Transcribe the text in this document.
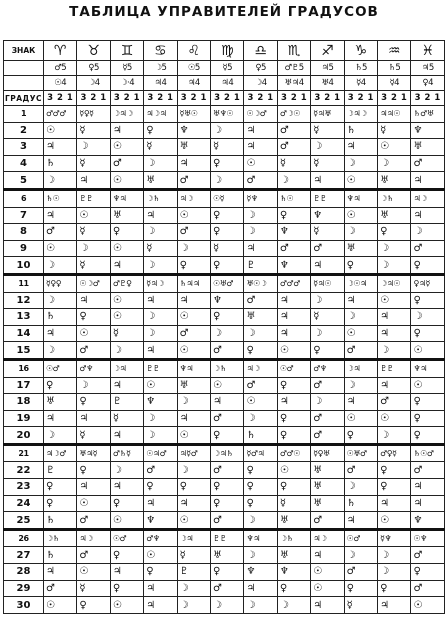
ТАБЛИЦА УПРАВИТЕЛЕЙ ГРАДУСОВ
ЗНАК	♈	♉	♊	♋	♌	♍	♎	♏	♐	♑	♒	♓
	♂5	♀5	☿5	☽5	☉5	☿5	♀5	♂♇5	♃5	♄5	♄5	♃5
	☉4	☽4	☽·4	♃4	♃4	♃4	☽4	♅♃4	♅4	☿4	☿4	♀4
ГРАДУС	3 2 1	3 2 1	3 2 1	3 2 1	3 2 1	3 2 1	3 2 1	3 2 1	3 2 1	3 2 1	3 2 1	3 2 1
1	♂♂♂	☿♀☿	☽♃☽	♃☽♃	☿♅☉	♅♆☉	☉☽♂	♂☽☉	☿♃♅	☽♃☽	♃♃☉	♄♂♅
2	☉	☿	♃	♀	♆	☽	♃	♂	☿	♄	☿	♆
3	♃	☽	☉	☿	♅	☿	♃	♂	☽	♃	☉	♅
4	♄	☿	♂	☽	♃	♀	☉	☿	☿	☽	☽	♂
5	☽	♃	☉	♅	♂	☽	♂	☽	♃	☉	♅	♃
6	♄☉	♇♇	♆♃	☽♄	♃☽	☉☿	☿♆	♄☉	♇♇	♆♃	☽♄	♃☽
7	♃	☉	♅	♃	☉	♀	☽	♀	♆	☉	♅	♃
8	♂	☿	♀	☽	♂	♀	☽	♆	☿	☽	♀	☽
9	☉	☽	☉	☿	☽	☿	♃	♂	♂	♅	☽	♂
10	☽	☿	♃	☽	♀	♀	♇	♆	♃	♀	☽	♀
11	☿♀♀	☉☽♂	♂♇♀	☿♃☽	♄♃♃	☉♅♂	♅☉☽	♂♂♂	☿♃☉	☽☉♃	☽♃☉	♀♃☿
12	☽	♃	☉	♃	♃	♆	♂	♃	☽	♃	☉	♀
13	♄	♀	☉	☽	☉	♀	♅	♃	☿	☽	♃	☽
14	♃	☉	☿	☽	♂	☽	☽	♃	☽	☉	♃	♀
15	☽	♂	☽	♃	☉	♂	♀	☉	♀	♂	☽	☉
16	☉♂	♂♆	☽♃	♇♇	♆♃	☽♄	♃☽	☉♂	♂♆	☽♃	♇♇	♆♃
17	♀	☽	♃	☉	♅	☉	♂	♀	♂	☽	♃	☉
18	♅	♀	♇	♆	☽	♃	☉	♃	☽	♃	♂	♀
19	♃	♃	☿	☽	♃	♂	☽	♀	♂	☉	☉	♀
20	☽	☿	♃	☽	☉	♀	♄	♀	♂	♀	☽	♀
21	♃☽♂	♅♃☿	♂♄☿	☉♃♂	♃☿♂	☽♃♄	☿♂♃	♂♂☉	☿♀♅	☉♅♂	♂♀☿	♄☉♂
22	♇	♀	☽	♂	☽	♂	♀	☉	♅	♂	♀	♂
23	♀	♃	♃	♀	♀	♀	♀	♀	♅	☽	♀	♃
24	♀	☉	♀	♃	♃	♀	♀	☿	♅	♄	♃	♃
25	♄	♂	☉	♆	☉	♂	☽	♅	♂	♃	☉	♆
26	☽♄	♃☽	☉♂	♂♆	☽♃	♇♇	♆♃	☽♄	♃☽	☉♂	☿♆	☉♆
27	♄	♂	♀	☉	☿	♅	☽	♅	♃	☽	☽	♂
28	♃	☉	♃	♀	♇	♀	♆	♆	☉	♂	☽	♀
29	♂	☿	♀	♃	☽	♂	♃	♀	☉	♀	♀	♂
30	☉	♀	☉	♃	☽	☽	☽	☽	♃	☿	♃	☉
